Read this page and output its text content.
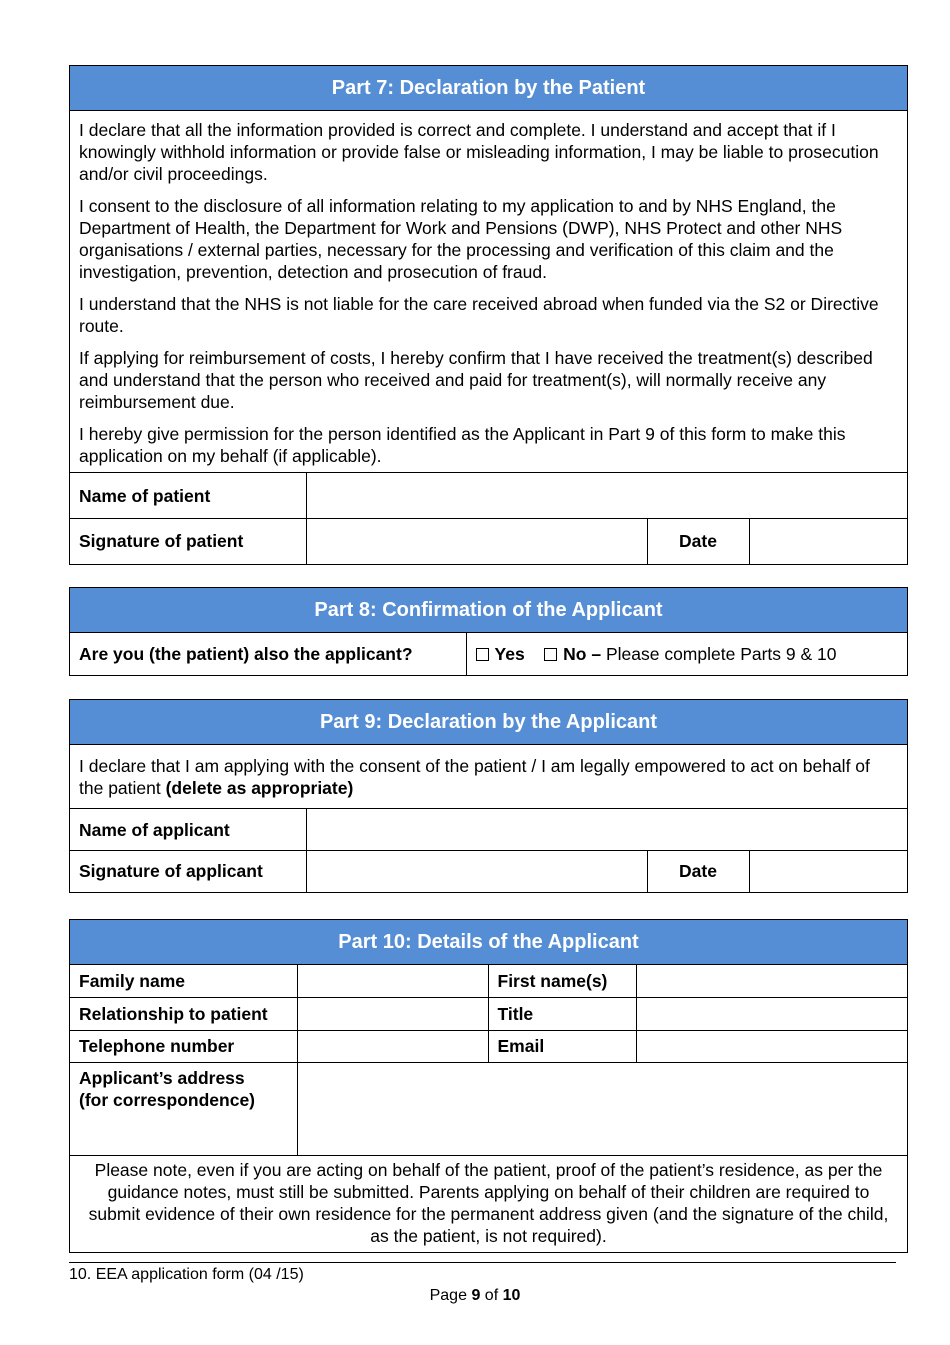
Part 7: Declaration by the Patient

I declare that all the information provided is correct and complete. I understand and accept that if I knowingly withhold information or provide false or misleading information, I may be liable to prosecution and/or civil proceedings.

I consent to the disclosure of all information relating to my application to and by NHS England, the Department of Health, the Department for Work and Pensions (DWP), NHS Protect and other NHS organisations / external parties, necessary for the processing and verification of this claim and the investigation, prevention, detection and prosecution of fraud.

I understand that the NHS is not liable for the care received abroad when funded via the S2 or Directive route.

If applying for reimbursement of costs, I hereby confirm that I have received the treatment(s) described and understand that the person who received and paid for treatment(s), will normally receive any reimbursement due.

I hereby give permission for the person identified as the Applicant in Part 9 of this form to make this application on my behalf (if applicable).

Name of patient			
Signature of patient		Date	
Part 8: Confirmation of the Applicant
Are you (the patient) also the applicant?	Yes No – Please complete Parts 9 & 10
Part 9: Declaration by the Applicant
I declare that I am applying with the consent of the patient / I am legally empowered to act on behalf of the patient (delete as appropriate)
Name of applicant			
Signature of applicant		Date	
Part 10: Details of the Applicant
Family name		First name(s)	
Relationship to patient		Title	
Telephone number		Email	

Applicant’s address
(for correspondence)			

Please note, even if you are acting on behalf of the patient, proof of the patient’s residence, as per the guidance notes, must still be submitted. Parents applying on behalf of their children are required to submit evidence of their own residence for the permanent address given (and the signature of the child, as the patient, is not required).			
10. EEA application form (04 /15)
Page 9 of 10
